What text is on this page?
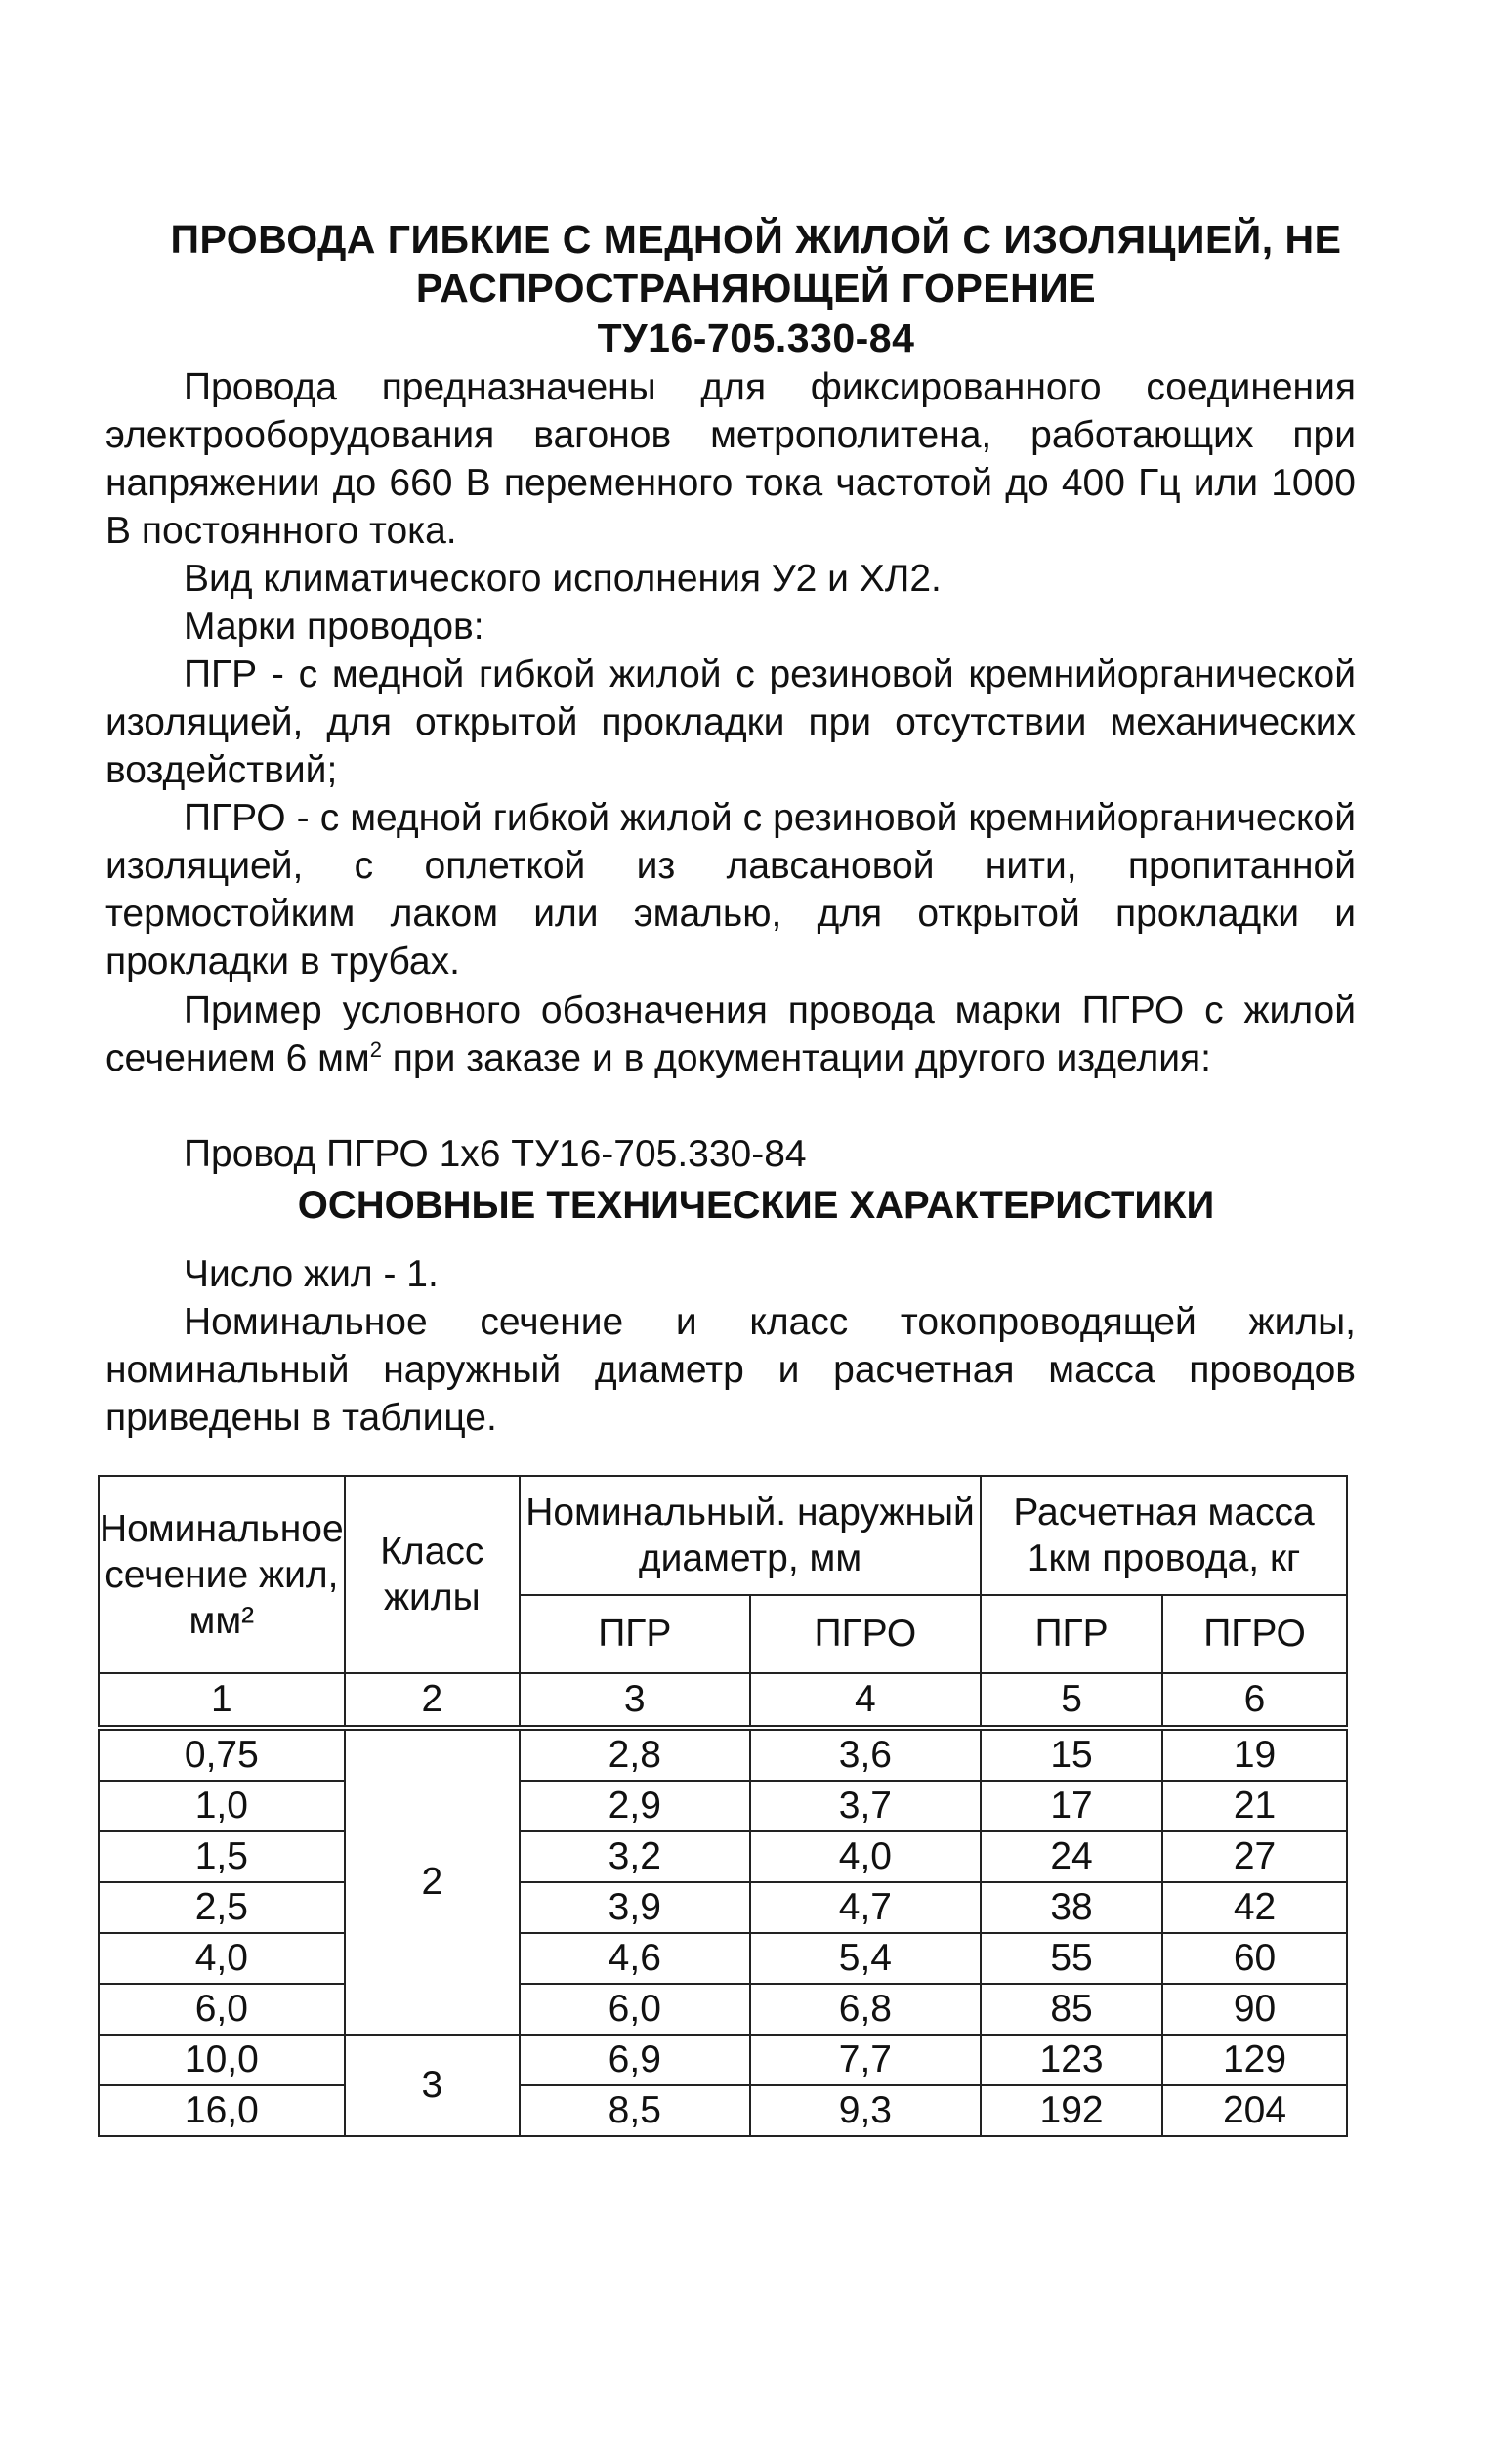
ПРОВОДА ГИБКИЕ С МЕДНОЙ ЖИЛОЙ С ИЗОЛЯЦИЕЙ, НЕ
РАСПРОСТРАНЯЮЩЕЙ ГОРЕНИЕ
ТУ16-705.330-84
Провода предназначены для фиксированного соединения электрооборудования вагонов метрополитена, работающих при напряжении до 660 В переменного тока частотой до 400 Гц или 1000 В постоянного тока.
Вид климатического исполнения У2 и ХЛ2.
Марки проводов:
ПГР - с медной гибкой жилой с резиновой кремнийорганической изоляцией, для открытой прокладки при отсутствии механических воздействий;
ПГРО - с медной гибкой жилой с резиновой кремнийорганической изоляцией, с оплеткой из лавсановой нити, пропитанной термостойким лаком или эмалью, для открытой прокладки и прокладки в трубах.
Пример условного обозначения провода марки ПГРО с жилой сечением 6 $мм^2$ при заказе и в документации другого изделия:
Провод ПГРО 1х6 ТУ16-705.330-84
ОСНОВНЫЕ ТЕХНИЧЕСКИЕ ХАРАКТЕРИСТИКИ
Число жил - 1.
Номинальное сечение и класс токопроводящей жилы, номинальный наружный диаметр и расчетная масса проводов приведены в таблице.
Номинальное сечение жил, мм²	Класс жилы	Номинальный. наружный диаметр, мм		Расчетная масса 1км провода, кг	
		ПГР	ПГРО	ПГР	ПГРО
1	2	3	4	5	6
0,75	2	2,8	3,6	15	19
1,0		2,9	3,7	17	21
1,5		3,2	4,0	24	27
2,5		3,9	4,7	38	42
4,0		4,6	5,4	55	60
6,0		6,0	6,8	85	90
10,0	3	6,9	7,7	123	129
16,0		8,5	9,3	192	204
